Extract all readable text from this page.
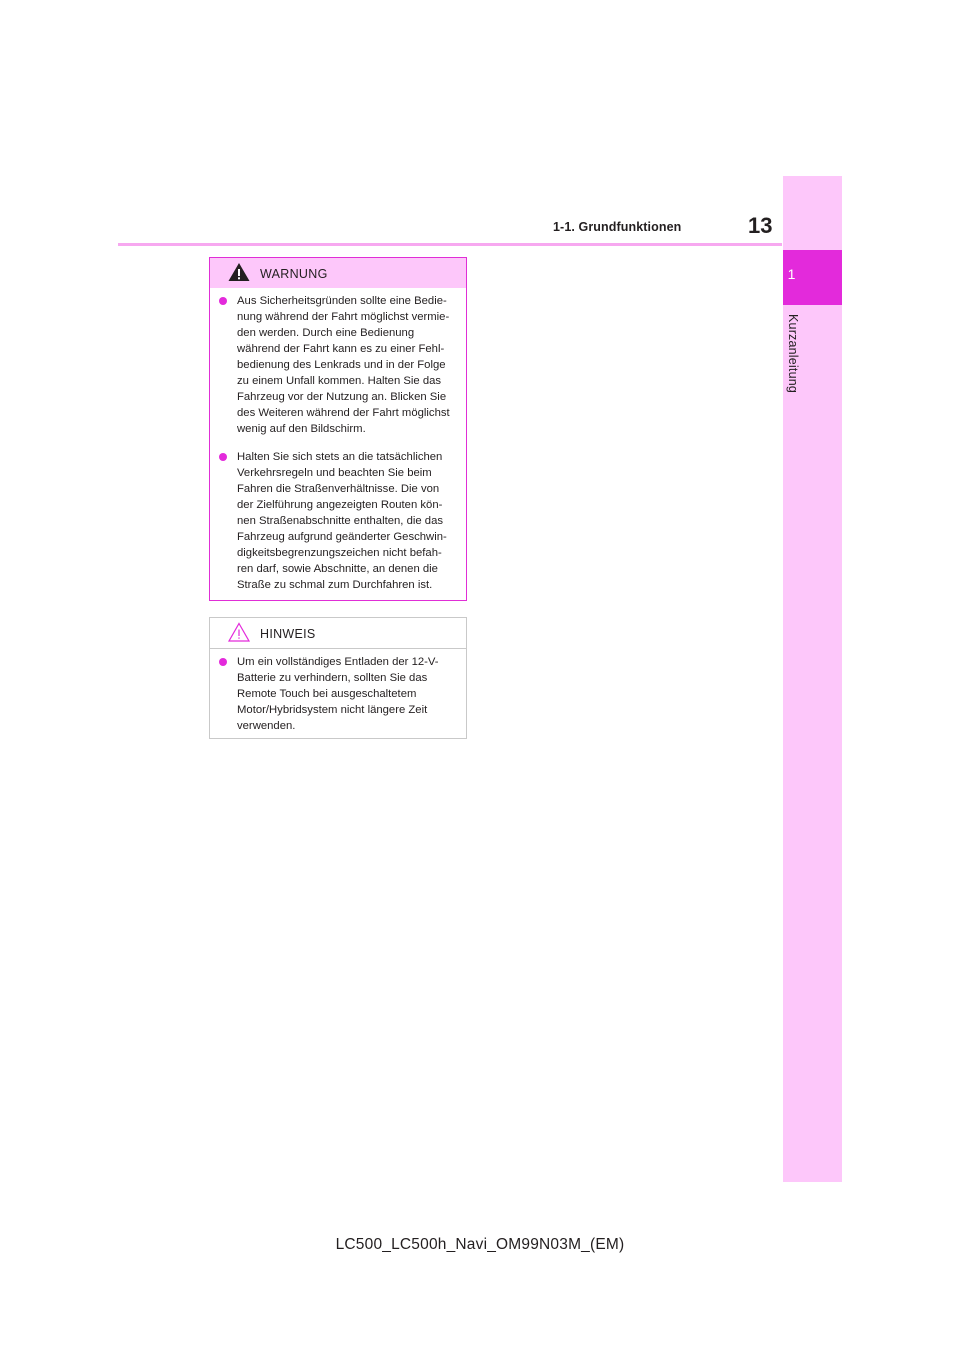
1
Kurzanleitung
1-1. Grundfunktionen	13
WARNUNG
Aus Sicherheitsgründen sollte eine Bedie-
nung während der Fahrt möglichst vermie-
den werden. Durch eine Bedienung
während der Fahrt kann es zu einer Fehl-
bedienung des Lenkrads und in der Folge
zu einem Unfall kommen. Halten Sie das
Fahrzeug vor der Nutzung an. Blicken Sie
des Weiteren während der Fahrt möglichst
wenig auf den Bildschirm.
Halten Sie sich stets an die tatsächlichen
Verkehrsregeln und beachten Sie beim
Fahren die Straßenverhältnisse. Die von
der Zielführung angezeigten Routen kön-
nen Straßenabschnitte enthalten, die das
Fahrzeug aufgrund geänderter Geschwin-
digkeitsbegrenzungszeichen nicht befah-
ren darf, sowie Abschnitte, an denen die
Straße zu schmal zum Durchfahren ist.
HINWEIS
Um ein vollständiges Entladen der 12-V-
Batterie zu verhindern, sollten Sie das
Remote Touch bei ausgeschaltetem
Motor/Hybridsystem nicht längere Zeit
verwenden.
LC500_LC500h_Navi_OM99N03M_(EM)
